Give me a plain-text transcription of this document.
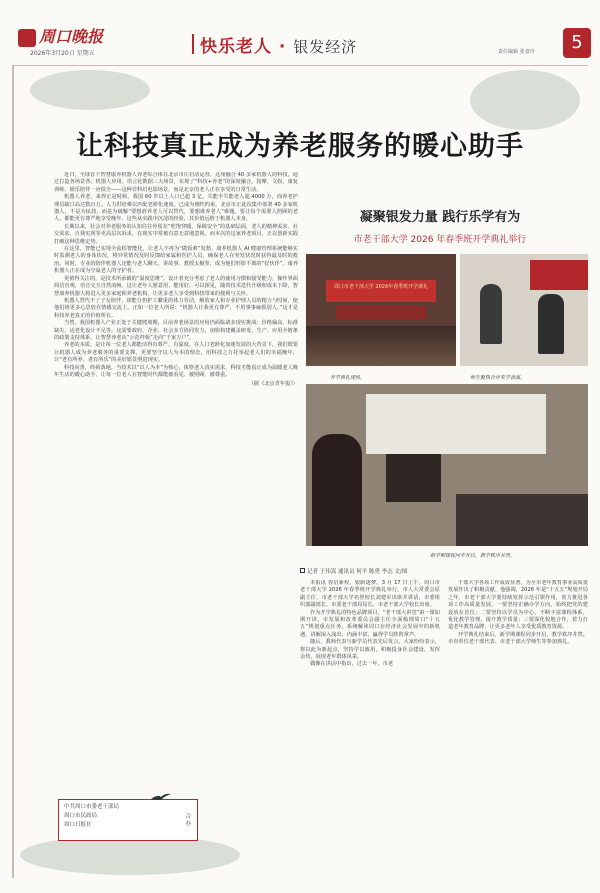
周口晚报
2026年3月20日 星期五	快乐老人 · 银发经济	责任编辑 张食玲	5
让科技真正成为养老服务的暖心助手

近日，全球首个智慧康养机器人养老综合体在北京市庄启动运营。这座融合 40 多家机器人的科技，通过打造各场景各、机器人应用、语言化数据三大场景，实现了“科技+养老”的深度融合。按摩、文娱、康复训练、娱乐陪伴一应俱全——这种非科幻电影场景，而是北京的老人正在享受的日常生活。

机器人养老，来得正是时候。我国 60 岁以上人口已超 3 亿，失能半失能老人超 4000 万，而养老护理员缺口高达数百万。人力供给难以匹配老龄化速度，已成为刚性约束。北京市正此次集中部署 40 多家机器人，不是为炫技，而是为破解“要想谁养老人可以替代，要想谁养老人”难题。要让每个需要人照顾的老人，都能更有尊严地享受晚年。这些从实践中沉淀的经验，其价值远胜于机器人本身。

长期以来，社会对养老服务的认知往往停留在“吃饱穿暖、保障安全”的基础层面，老人的精神需求、社交需求、自我实现等更高层次诉求，在现实中常被有意无意地忽视。而本次的这家养老项目，正以创新实践打破这种思维定势。

在这里，智能已实现全流程智能化，让老人不再为“做饭难”发愁。康养机器人 AI 健康管理系统能够实时监测老人的身体状况，将异常情况及时反馈给家属和医护人员，确保老人在突发状况时获得最及时的救治。同时，专业的陪伴机器人还能与老人聊天、讲故事、教授太极拳，成为他们形影不离的“好伙伴”。康养机器人正在成为空巢老人的守护者。

更值得关注的，是技术所承载的“温度思维”。设计者充分考虑了老人的使用习惯和接受能力，操作界面简洁直观，语音交互自然流畅。这让老年人愿意用、能用好。可以预见，随着技术迭代升级和成本下降，智慧康养机器人将进入更多家庭和养老机构，让更多老人享受到科技带来的便利与关怀。

机器人替代不了子女陪伴，却能分担护工繁重的体力劳动，解放家人和专业护理人员的精力与时间，使他们将更多心思放在情感交流上。正如一位老人所说：“机器人让我更有尊严，不用事事麻烦别人。”这才是科技养老真正的价值所在。

当然，我国机器人产业正处于关键爬坡期，目前养老场景的应用仍面临诸多现实挑战：价格偏高、标准缺失、适老化设计不足等。这需要政府、企业、社会多方协同发力，加快构建覆盖研发、生产、应用全链条的政策支持体系，让智慧养老从“示范样板”走向“千家万户”。

养老的本质，是让每一位老人都能活得有尊严、有温度。在人口老龄化加速发展的大背景下，我们既要让机器人成为养老服务的重要支撑，更要坚守以人为本的理念，用科技之力托举起老人们的幸福晚年，让“老有所养、老有所乐”的美好愿景照进现实。

科技向善，终须落地。当技术以“以人为本”为核心，体察老人真实需求，科技才能真正成为温暖老人晚年生活的暖心助手，让每一位老人在智能时代都能被看见、被照顾、被尊重。

（据《北京青年报》）

中共周口市委老干部局
周口市民政局
周口日报社
合
办
凝聚银发力量 践行乐学有为
市老干部大学 2026 年春季班开学典礼举行
周口市老干部大学 2026年春季班开学典礼
开学典礼现场。	师生聚焦合评奖学表演。
新学期课程同步开启，教学秩序井然。
记者 王伟嵩 通讯员 何平 陈勇 李志 文/图

本报讯 春启新程，银龄逐梦。3 月 17 日上午，周口市老干部大学 2026 年春季班开学典礼举行。市人大常委会原副主任、市老干部大学名誉校长刘建军出席并讲话，市委组织部副部长、市委老干部局局长、市老干部大学校长出席。

作为开学典礼的特色品牌项目，“老干部大讲堂”第一课如期开讲。市发展和改革委员会副主任全面梳理周口“十五五”规划重点任务，系统解读周口在经济社会发展中的新机遇，讲解深入浅出、内涵丰富，赢得学员阵阵掌声。

随后，教师代表与新学员代表先后发言。大家纷纷表示，将以此为新起点，坚持学以致用，积极投身社会建设，发挥余热，展现老年群体风采。

偶像在讲话中指出，过去一年，市老

干部大学各项工作成效显著，为全市老年教育事业高质量发展作出了积极贡献。他强调，2026 年是“十五五”规划开局之年，市老干部大学要持续发挥示范引领作用，着力推进各项工作高质量发展。一要坚持正确办学方向，始终把党的建设放在首位；二要坚持以学员为中心，不断丰富课程体系，优化教学管理，提升教学质量；三要深化校地合作，着力打造老年教育品牌，让更多老年人享受优质教育资源。

开学典礼结束后，新学期课程同步开启，教学秩序井然。市直单位老干部代表、市老干部大学师生等参加典礼。
